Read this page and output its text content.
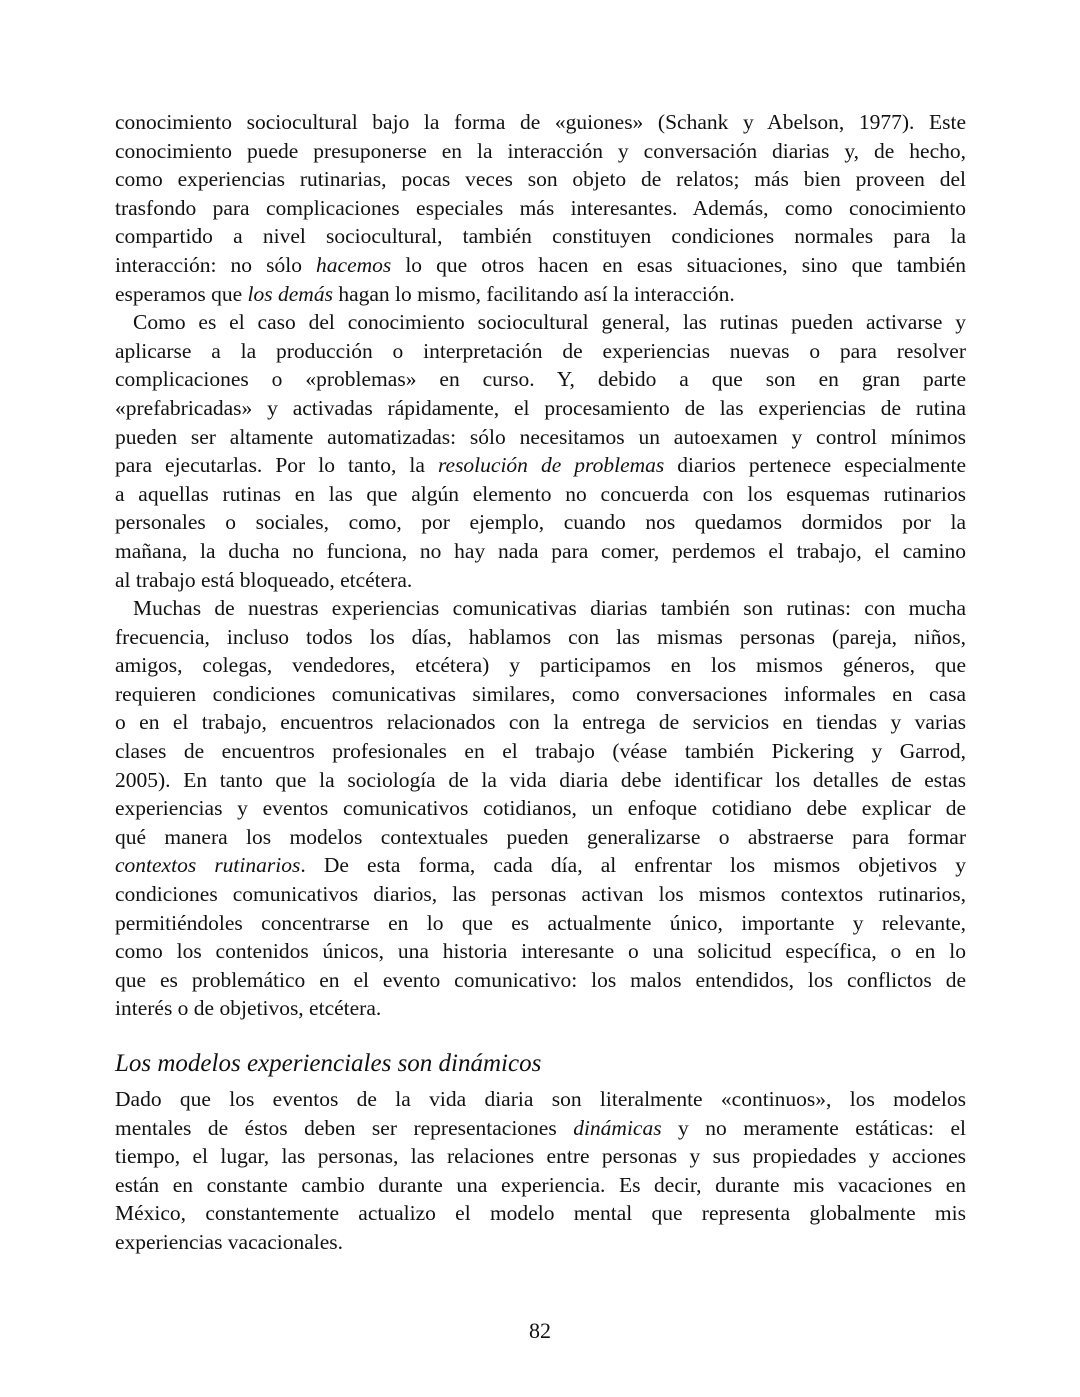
conocimiento sociocultural bajo la forma de «guiones» (Schank y Abelson, 1977). Este
conocimiento puede presuponerse en la interacción y conversación diarias y, de hecho,
como experiencias rutinarias, pocas veces son objeto de relatos; más bien proveen del
trasfondo para complicaciones especiales más interesantes. Además, como conocimiento
compartido a nivel sociocultural, también constituyen condiciones normales para la
interacción: no sólo hacemos lo que otros hacen en esas situaciones, sino que también
esperamos que los demás hagan lo mismo, facilitando así la interacción.
Como es el caso del conocimiento sociocultural general, las rutinas pueden activarse y
aplicarse a la producción o interpretación de experiencias nuevas o para resolver
complicaciones o «problemas» en curso. Y, debido a que son en gran parte
«prefabricadas» y activadas rápidamente, el procesamiento de las experiencias de rutina
pueden ser altamente automatizadas: sólo necesitamos un autoexamen y control mínimos
para ejecutarlas. Por lo tanto, la resolución de problemas diarios pertenece especialmente
a aquellas rutinas en las que algún elemento no concuerda con los esquemas rutinarios
personales o sociales, como, por ejemplo, cuando nos quedamos dormidos por la
mañana, la ducha no funciona, no hay nada para comer, perdemos el trabajo, el camino
al trabajo está bloqueado, etcétera.
Muchas de nuestras experiencias comunicativas diarias también son rutinas: con mucha
frecuencia, incluso todos los días, hablamos con las mismas personas (pareja, niños,
amigos, colegas, vendedores, etcétera) y participamos en los mismos géneros, que
requieren condiciones comunicativas similares, como conversaciones informales en casa
o en el trabajo, encuentros relacionados con la entrega de servicios en tiendas y varias
clases de encuentros profesionales en el trabajo (véase también Pickering y Garrod,
2005). En tanto que la sociología de la vida diaria debe identificar los detalles de estas
experiencias y eventos comunicativos cotidianos, un enfoque cotidiano debe explicar de
qué manera los modelos contextuales pueden generalizarse o abstraerse para formar
contextos rutinarios. De esta forma, cada día, al enfrentar los mismos objetivos y
condiciones comunicativos diarios, las personas activan los mismos contextos rutinarios,
permitiéndoles concentrarse en lo que es actualmente único, importante y relevante,
como los contenidos únicos, una historia interesante o una solicitud específica, o en lo
que es problemático en el evento comunicativo: los malos entendidos, los conflictos de
interés o de objetivos, etcétera.
Los modelos experienciales son dinámicos
Dado que los eventos de la vida diaria son literalmente «continuos», los modelos
mentales de éstos deben ser representaciones dinámicas y no meramente estáticas: el
tiempo, el lugar, las personas, las relaciones entre personas y sus propiedades y acciones
están en constante cambio durante una experiencia. Es decir, durante mis vacaciones en
México, constantemente actualizo el modelo mental que representa globalmente mis
experiencias vacacionales.
82
